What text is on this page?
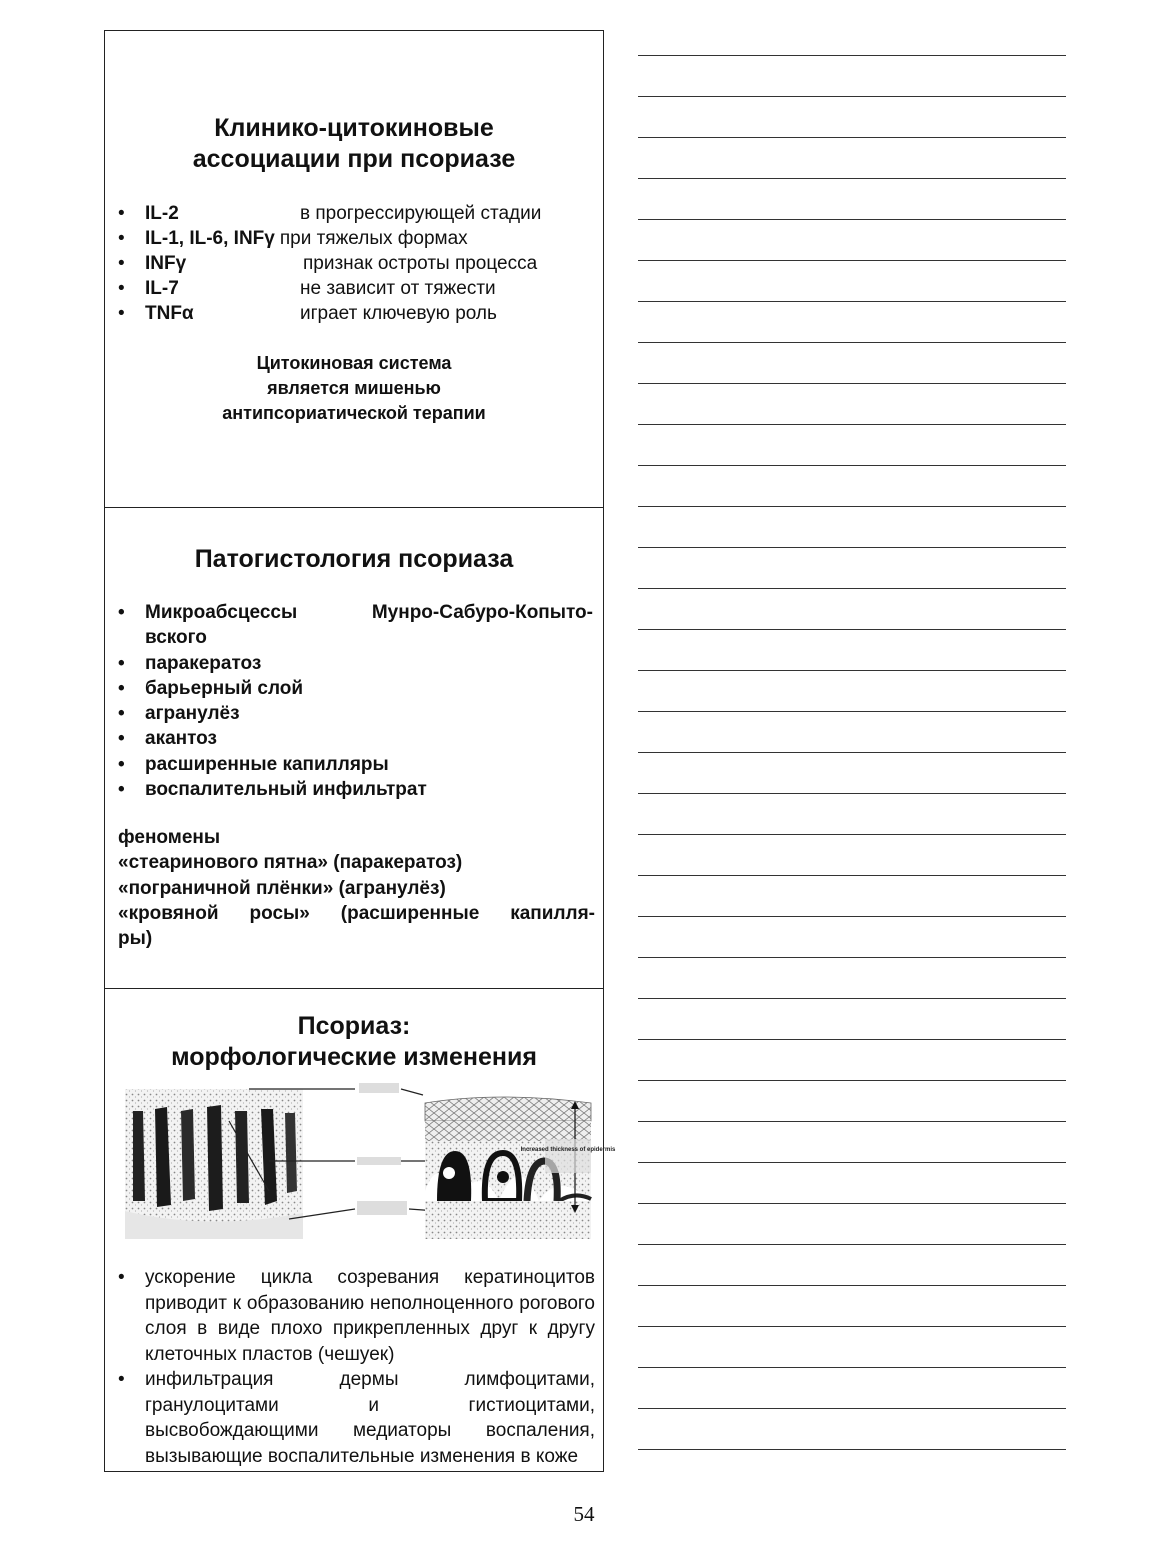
Клинико-цитокиновые
ассоциации при псориазе
• IL-2	в прогрессирующей стадии
• IL-1, IL-6, INFγ при тяжелых формах
• INFγ	признак остроты процесса
• IL-7	не зависит от тяжести
• TNFα	играет ключевую роль
Цитокиновая система
является мишенью
антипсориатической терапии
Патогистология псориаза
• Микроабсцессы Мунро-Сабуро-Копыто-
вского
• паракератоз
• барьерный слой
• агранулёз
• акантоз
• расширенные капилляры
• воспалительный инфильтрат
феномены
«стеаринового пятна» (паракератоз)
«пограничной плёнки» (агранулёз)
«кровяной росы» (расширенные капилля-
ры)
Псориаз:
морфологические изменения
Increased thickness of epidermis
• ускорение цикла созревания кератиноцитов приводит к образованию неполноценного рогового слоя в виде плохо прикрепленных друг к другу клеточных пластов (чешуек)
• инфильтрация дермы лимфоцитами, гранулоцитами и гистиоцитами, высвобождающими медиаторы воспаления, вызывающие воспалительные изменения в коже
54
